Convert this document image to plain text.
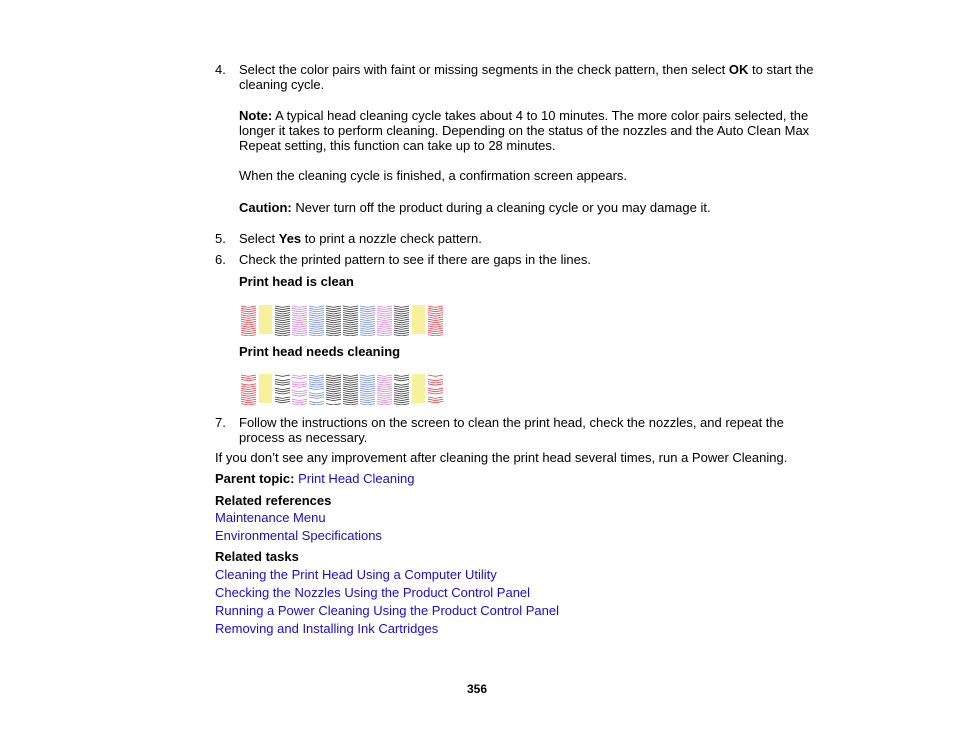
4. Select the color pairs with faint or missing segments in the check pattern, then select OK to start the cleaning cycle.
Note: A typical head cleaning cycle takes about 4 to 10 minutes. The more color pairs selected, the longer it takes to perform cleaning. Depending on the status of the nozzles and the Auto Clean Max Repeat setting, this function can take up to 28 minutes.
When the cleaning cycle is finished, a confirmation screen appears.
Caution: Never turn off the product during a cleaning cycle or you may damage it.
5. Select Yes to print a nozzle check pattern.
6. Check the printed pattern to see if there are gaps in the lines.
Print head is clean
Print head needs cleaning
7. Follow the instructions on the screen to clean the print head, check the nozzles, and repeat the process as necessary.
If you don’t see any improvement after cleaning the print head several times, run a Power Cleaning.
Parent topic: Print Head Cleaning
Related references
Maintenance Menu
Environmental Specifications
Related tasks
Cleaning the Print Head Using a Computer Utility
Checking the Nozzles Using the Product Control Panel
Running a Power Cleaning Using the Product Control Panel
Removing and Installing Ink Cartridges
356
